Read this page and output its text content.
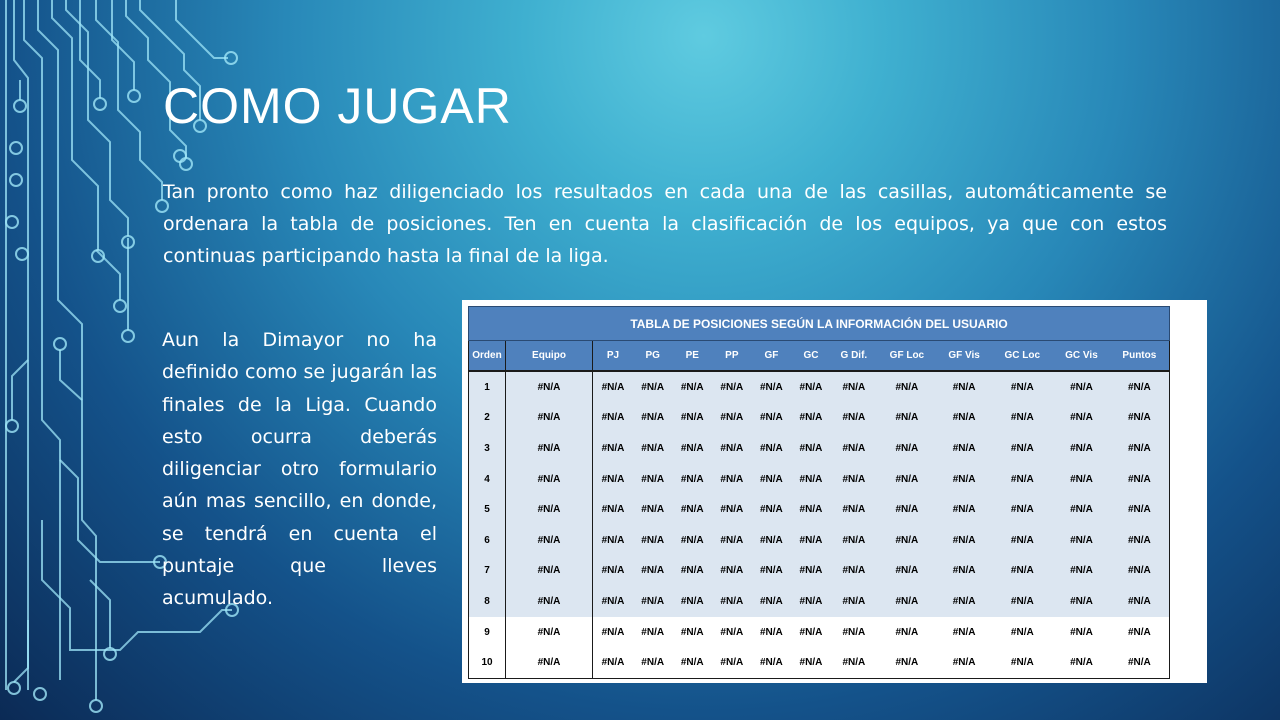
COMO JUGAR

Tan pronto como haz diligenciado los resultados en cada una de las casillas, automáticamente se ordenara la tabla de posiciones. Ten en cuenta la clasificación de los equipos, ya que con estos continuas participando hasta la final de la liga.

Aun la Dimayor no ha definido como se jugarán las finales de la Liga. Cuando esto ocurra deberás diligenciar otro formulario aún mas sencillo, en donde, se tendrá en cuenta el puntaje que lleves acumulado.

TABLA DE POSICIONES SEGÚN LA INFORMACIÓN DEL USUARIO													
Orden	Equipo	PJ	PG	PE	PP	GF	GC	G Dif.	GF Loc	GF Vis	GC Loc	GC Vis	Puntos
1	#N/A	#N/A	#N/A	#N/A	#N/A	#N/A	#N/A	#N/A	#N/A	#N/A	#N/A	#N/A	#N/A
2	#N/A	#N/A	#N/A	#N/A	#N/A	#N/A	#N/A	#N/A	#N/A	#N/A	#N/A	#N/A	#N/A
3	#N/A	#N/A	#N/A	#N/A	#N/A	#N/A	#N/A	#N/A	#N/A	#N/A	#N/A	#N/A	#N/A
4	#N/A	#N/A	#N/A	#N/A	#N/A	#N/A	#N/A	#N/A	#N/A	#N/A	#N/A	#N/A	#N/A
5	#N/A	#N/A	#N/A	#N/A	#N/A	#N/A	#N/A	#N/A	#N/A	#N/A	#N/A	#N/A	#N/A
6	#N/A	#N/A	#N/A	#N/A	#N/A	#N/A	#N/A	#N/A	#N/A	#N/A	#N/A	#N/A	#N/A
7	#N/A	#N/A	#N/A	#N/A	#N/A	#N/A	#N/A	#N/A	#N/A	#N/A	#N/A	#N/A	#N/A
8	#N/A	#N/A	#N/A	#N/A	#N/A	#N/A	#N/A	#N/A	#N/A	#N/A	#N/A	#N/A	#N/A
9	#N/A	#N/A	#N/A	#N/A	#N/A	#N/A	#N/A	#N/A	#N/A	#N/A	#N/A	#N/A	#N/A
10	#N/A	#N/A	#N/A	#N/A	#N/A	#N/A	#N/A	#N/A	#N/A	#N/A	#N/A	#N/A	#N/A
